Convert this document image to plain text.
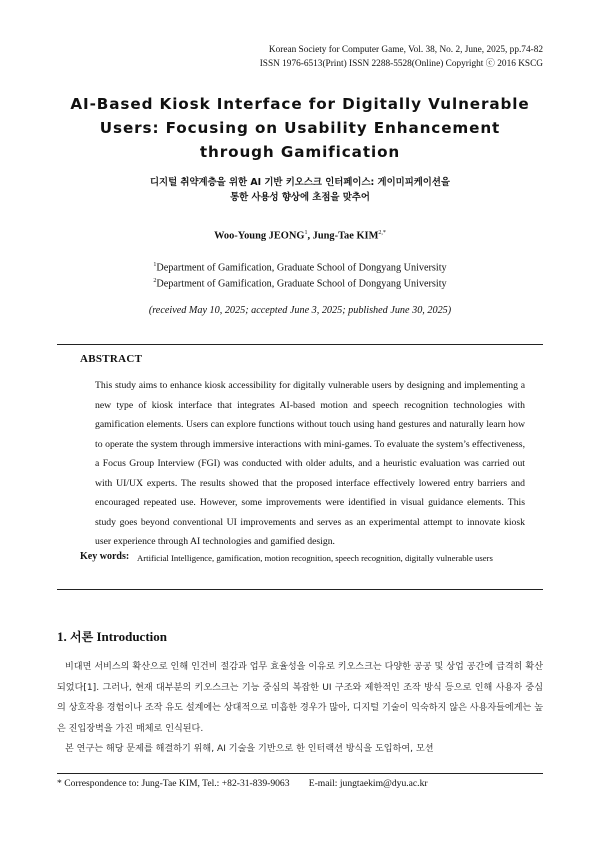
Korean Society for Computer Game, Vol. 38, No. 2, June, 2025, pp.74-82
ISSN 1976-6513(Print) ISSN 2288-5528(Online) Copyright ⓒ 2016 KSCG
AI-Based Kiosk Interface for Digitally Vulnerable
Users: Focusing on Usability Enhancement
through Gamification
디지털 취약계층을 위한 AI 기반 키오스크 인터페이스: 게이미피케이션을
통한 사용성 향상에 초점을 맞추어
Woo-Young JEONG$^1$, Jung-Tae $KIM^{2,*}$
$^1$Department of Gamification, Graduate School of Dongyang University
$^2$Department of Gamification, Graduate School of Dongyang University
(received May 10, 2025; accepted June 3, 2025; published June 30, 2025)
ABSTRACT
This study aims to enhance kiosk accessibility for digitally vulnerable users by designing and implementing a new type of kiosk interface that integrates AI-based motion and speech recognition technologies with gamification elements. Users can explore functions without touch using hand gestures and naturally learn how to operate the system through immersive interactions with mini-games. To evaluate the system’s effectiveness, a Focus Group Interview (FGI) was conducted with older adults, and a heuristic evaluation was carried out with UI/UX experts. The results showed that the proposed interface effectively lowered entry barriers and encouraged repeated use. However, some improvements were identified in visual guidance elements. This study goes beyond conventional UI improvements and serves as an experimental attempt to innovate kiosk user experience through AI technologies and gamified design.
Key words: Artificial Intelligence, gamification, motion recognition, speech recognition, digitally vulnerable users
1. 서론 Introduction

비대면 서비스의 확산으로 인해 인건비 절감과 업무 효율성을 이유로 키오스크는 다양한 공공 및 상업 공간에 급격히 확산되었다[1]. 그러나, 현재 대부분의 키오스크는 기능 중심의 복잡한 UI 구조와 제한적인 조작 방식 등으로 인해 사용자 중심의 상호작용 경험이나 조작 유도 설계에는 상대적으로 미흡한 경우가 많아, 디지털 기술이 익숙하지 않은 사용자들에게는 높은 진입장벽을 가진 매체로 인식된다.

본 연구는 해당 문제를 해결하기 위해, AI 기술을 기반으로 한 인터랙션 방식을 도입하여, 모션

* Correspondence to: Jung-Tae KIM, Tel.: +82-31-839-9063 E-mail: jungtaekim@dyu.ac.kr
